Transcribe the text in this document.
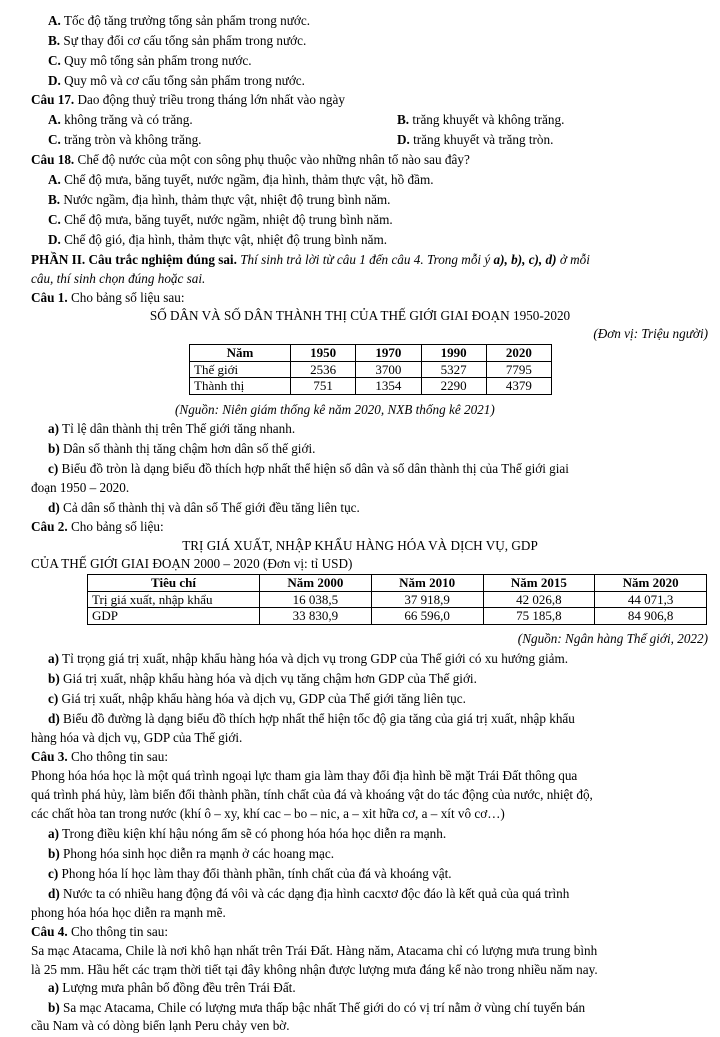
A. Tốc độ tăng trưởng tổng sản phẩm trong nước.
B. Sự thay đổi cơ cấu tổng sản phẩm trong nước.
C. Quy mô tổng sản phẩm trong nước.
D. Quy mô và cơ cấu tổng sản phẩm trong nước.
Câu 17. Dao động thuỷ triều trong tháng lớn nhất vào ngày
A. không trăng và có trăng.	B. trăng khuyết và không trăng.
C. trăng tròn và không trăng.	D. trăng khuyết và trăng tròn.
Câu 18. Chế độ nước của một con sông phụ thuộc vào những nhân tố nào sau đây?
A. Chế độ mưa, băng tuyết, nước ngầm, địa hình, thảm thực vật, hồ đầm.
B. Nước ngầm, địa hình, thảm thực vật, nhiệt độ trung bình năm.
C. Chế độ mưa, băng tuyết, nước ngầm, nhiệt độ trung bình năm.
D. Chế độ gió, địa hình, thảm thực vật, nhiệt độ trung bình năm.
PHẦN II. Câu trắc nghiệm đúng sai. Thí sinh trả lời từ câu 1 đến câu 4. Trong mỗi ý a), b), c), d) ở mỗi
câu, thí sinh chọn đúng hoặc sai.
Câu 1. Cho bảng số liệu sau:
SỐ DÂN VÀ SỐ DÂN THÀNH THỊ CỦA THẾ GIỚI GIAI ĐOẠN 1950-2020
(Đơn vị: Triệu người)
Năm	1950	1970	1990	2020
Thế giới	2536	3700	5327	7795
Thành thị	751	1354	2290	4379
(Nguồn: Niên giám thống kê năm 2020, NXB thống kê 2021)
a) Tỉ lệ dân thành thị trên Thế giới tăng nhanh.
b) Dân số thành thị tăng chậm hơn dân số thế giới.
c) Biểu đồ tròn là dạng biểu đồ thích hợp nhất thể hiện số dân và số dân thành thị của Thế giới giai
đoạn 1950 – 2020.
d) Cả dân số thành thị và dân số Thế giới đều tăng liên tục.
Câu 2. Cho bảng số liệu:
TRỊ GIÁ XUẤT, NHẬP KHẨU HÀNG HÓA VÀ DỊCH VỤ, GDP
CỦA THẾ GIỚI GIAI ĐOẠN 2000 – 2020 (Đơn vị: tỉ USD)
Tiêu chí	Năm 2000	Năm 2010	Năm 2015	Năm 2020
Trị giá xuất, nhập khẩu	16 038,5	37 918,9	42 026,8	44 071,3
GDP	33 830,9	66 596,0	75 185,8	84 906,8
(Nguồn: Ngân hàng Thế giới, 2022)
a) Tỉ trọng giá trị xuất, nhập khẩu hàng hóa và dịch vụ trong GDP của Thế giới có xu hướng giảm.
b) Giá trị xuất, nhập khẩu hàng hóa và dịch vụ tăng chậm hơn GDP của Thế giới.
c) Giá trị xuất, nhập khẩu hàng hóa và dịch vụ, GDP của Thế giới tăng liên tục.
d) Biểu đồ đường là dạng biểu đồ thích hợp nhất thể hiện tốc độ gia tăng của giá trị xuất, nhập khẩu
hàng hóa và dịch vụ, GDP của Thế giới.
Câu 3. Cho thông tin sau:
Phong hóa hóa học là một quá trình ngoại lực tham gia làm thay đổi địa hình bề mặt Trái Đất thông qua
quá trình phá hủy, làm biến đổi thành phần, tính chất của đá và khoáng vật do tác động của nước, nhiệt độ,
các chất hòa tan trong nước (khí ô – xy, khí cac – bo – nic, a – xit hữa cơ, a – xít vô cơ…)
a) Trong điều kiện khí hậu nóng ẩm sẽ có phong hóa hóa học diễn ra mạnh.
b) Phong hóa sinh học diễn ra mạnh ở các hoang mạc.
c) Phong hóa lí học làm thay đổi thành phần, tính chất của đá và khoáng vật.
d) Nước ta có nhiều hang động đá vôi và các dạng địa hình cacxtơ độc đáo là kết quả của quá trình
phong hóa hóa học diễn ra mạnh mẽ.
Câu 4. Cho thông tin sau:
Sa mạc Atacama, Chile là nơi khô hạn nhất trên Trái Đất. Hàng năm, Atacama chỉ có lượng mưa trung bình
là 25 mm. Hầu hết các trạm thời tiết tại đây không nhận được lượng mưa đáng kể nào trong nhiều năm nay.
a) Lượng mưa phân bố đồng đều trên Trái Đất.
b) Sa mạc Atacama, Chile có lượng mưa thấp bậc nhất Thế giới do có vị trí nằm ở vùng chí tuyến bán
cầu Nam và có dòng biển lạnh Peru chảy ven bờ.
